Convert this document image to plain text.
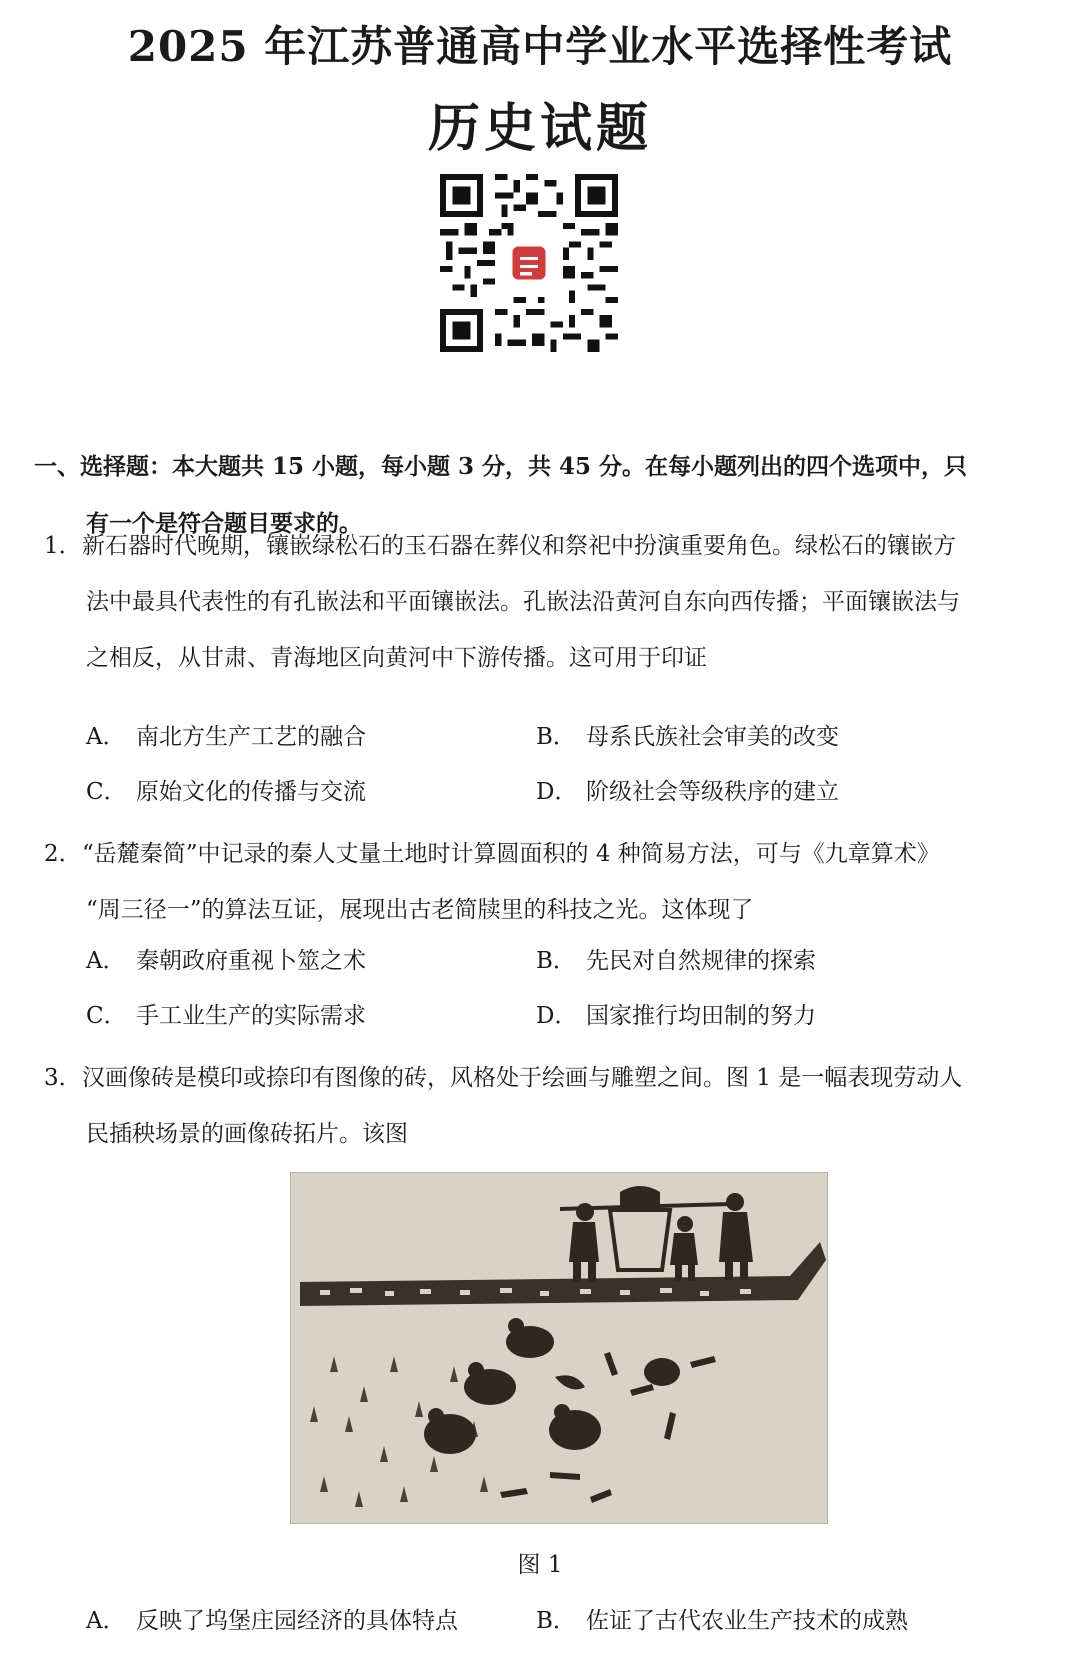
2025 年江苏普通高中学业水平选择性考试
历史试题
一、选择题：本大题共 15 小题，每小题 3 分，共 45 分。在每小题列出的四个选项中，只
有一个是符合题目要求的。
1．新石器时代晚期，镶嵌绿松石的玉石器在葬仪和祭祀中扮演重要角色。绿松石的镶嵌方
法中最具代表性的有孔嵌法和平面镶嵌法。孔嵌法沿黄河自东向西传播；平面镶嵌法与
之相反，从甘肃、青海地区向黄河中下游传播。这可用于印证
A． 南北方生产工艺的融合	B． 母系氏族社会审美的改变
C． 原始文化的传播与交流	D． 阶级社会等级秩序的建立
2．“岳麓秦简”中记录的秦人丈量土地时计算圆面积的 4 种简易方法，可与《九章算术》
“周三径一”的算法互证，展现出古老简牍里的科技之光。这体现了
A． 秦朝政府重视卜筮之术	B． 先民对自然规律的探索
C． 手工业生产的实际需求	D． 国家推行均田制的努力
3．汉画像砖是模印或捺印有图像的砖，风格处于绘画与雕塑之间。图 1 是一幅表现劳动人
民插秧场景的画像砖拓片。该图
图 1
A． 反映了坞堡庄园经济的具体特点	B． 佐证了古代农业生产技术的成熟
